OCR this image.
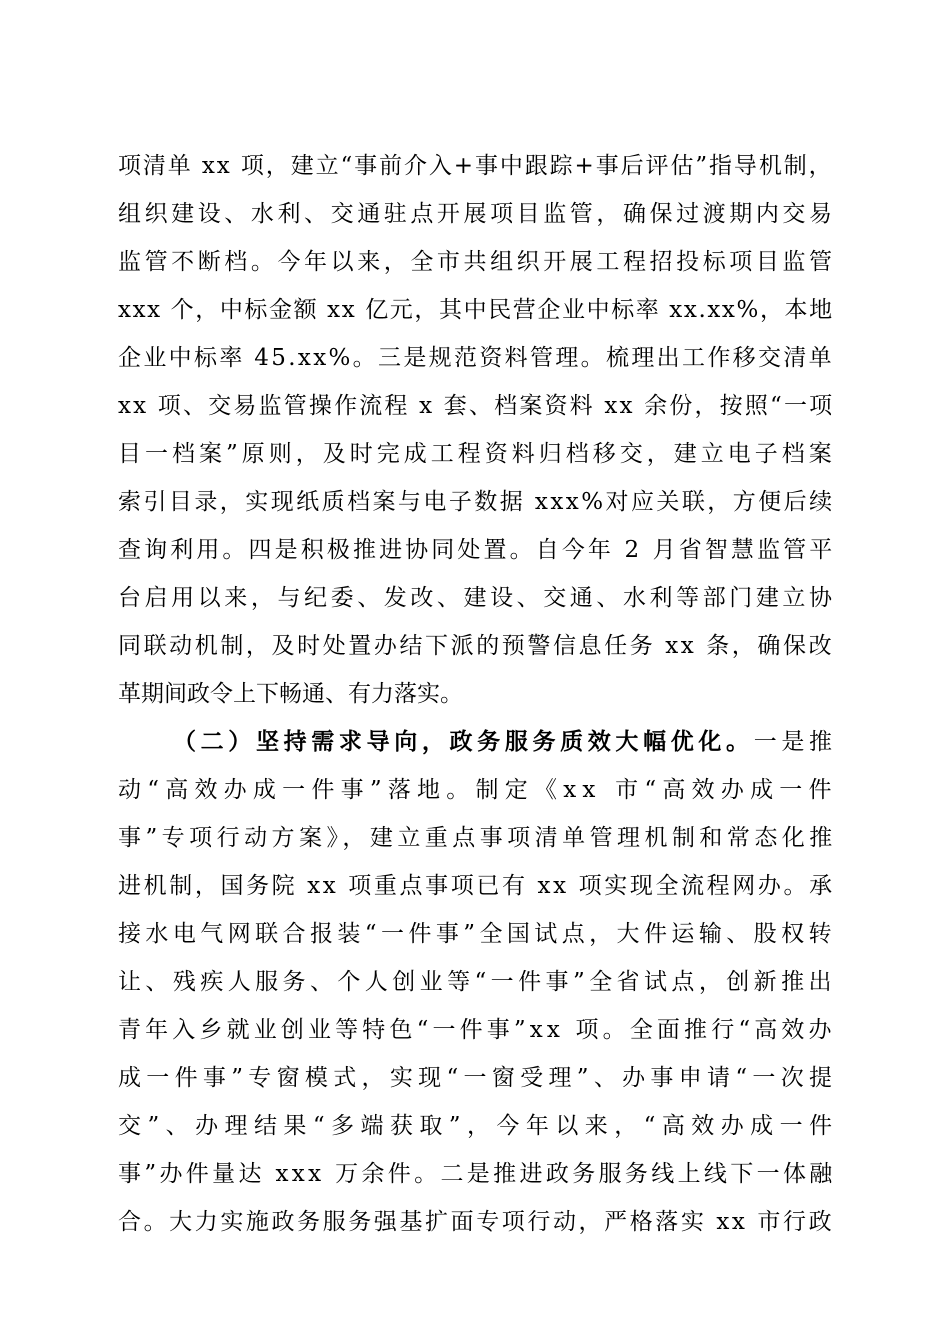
项清单 xx 项，建立“事前介入+事中跟踪+事后评估”指导机制，
组织建设、水利、交通驻点开展项目监管，确保过渡期内交易
监管不断档。今年以来，全市共组织开展工程招投标项目监管
xxx 个，中标金额 xx 亿元，其中民营企业中标率 xx.xx%，本地
企业中标率 45.xx%。三是规范资料管理。梳理出工作移交清单
xx 项、交易监管操作流程 x 套、档案资料 xx 余份，按照“一项
目一档案”原则，及时完成工程资料归档移交，建立电子档案
索引目录，实现纸质档案与电子数据 xxx%对应关联，方便后续
查询利用。四是积极推进协同处置。自今年 2 月省智慧监管平
台启用以来，与纪委、发改、建设、交通、水利等部门建立协
同联动机制，及时处置办结下派的预警信息任务 xx 条，确保改
革期间政令上下畅通、有力落实。
（二）坚持需求导向，政务服务质效大幅优化。一是推
动“高效办成一件事”落地。制定《xx 市“高效办成一件
事”专项行动方案》，建立重点事项清单管理机制和常态化推
进机制，国务院 xx 项重点事项已有 xx 项实现全流程网办。承
接水电气网联合报装“一件事”全国试点，大件运输、股权转
让、残疾人服务、个人创业等“一件事”全省试点，创新推出
青年入乡就业创业等特色“一件事”xx 项。全面推行“高效办
成一件事”专窗模式，实现“一窗受理”、办事申请“一次提
交”、办理结果“多端获取”，今年以来，“高效办成一件
事”办件量达 xxx 万余件。二是推进政务服务线上线下一体融
合。大力实施政务服务强基扩面专项行动，严格落实 xx 市行政
